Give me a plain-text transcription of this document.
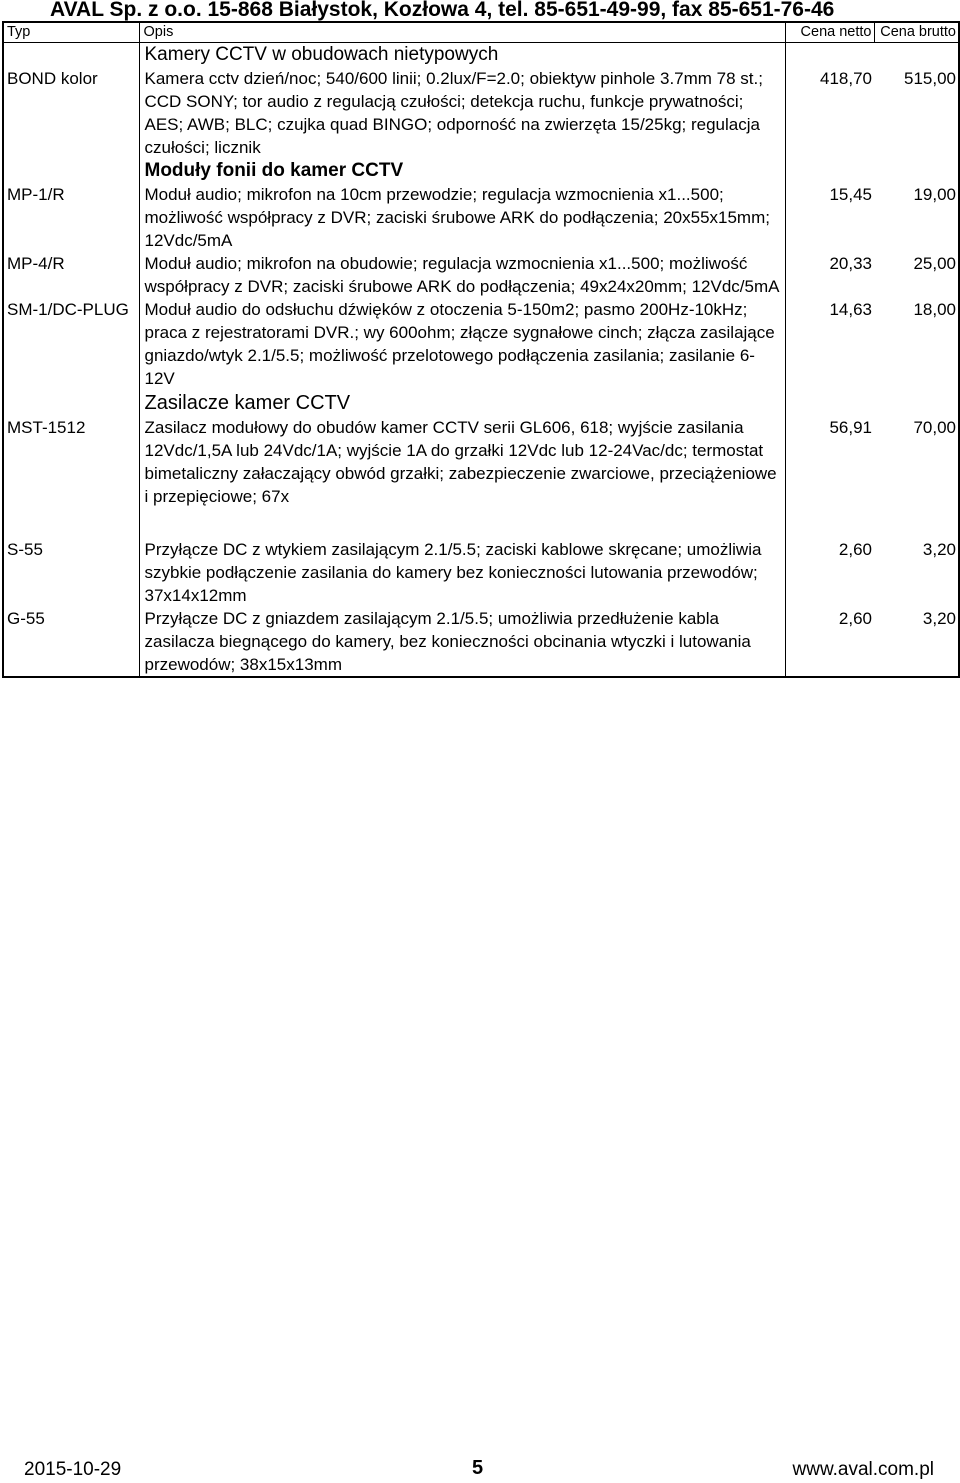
AVAL Sp. z o.o. 15-868 Białystok, Kozłowa 4, tel. 85-651-49-99, fax 85-651-76-46
Typ	Opis	Cena netto	Cena brutto
	Kamery CCTV w obudowach nietypowych		
BOND kolor	Kamera cctv dzień/noc; 540/600 linii; 0.2lux/F=2.0; obiektyw pinhole 3.7mm 78 st.; CCD SONY; tor audio z regulacją czułości; detekcja ruchu, funkcje prywatności; AES; AWB; BLC; czujka quad BINGO; odporność na zwierzęta 15/25kg; regulacja czułości; licznik	418,70	515,00
	Moduły fonii do kamer CCTV		
MP-1/R	Moduł audio; mikrofon na 10cm przewodzie; regulacja wzmocnienia x1...500; możliwość współpracy z DVR; zaciski śrubowe ARK do podłączenia; 20x55x15mm; 12Vdc/5mA	15,45	19,00
MP-4/R	Moduł audio; mikrofon na obudowie; regulacja wzmocnienia x1...500; możliwość współpracy z DVR; zaciski śrubowe ARK do podłączenia; 49x24x20mm; 12Vdc/5mA	20,33	25,00
SM-1/DC-PLUG	Moduł audio do odsłuchu dźwięków z otoczenia 5-150m2; pasmo 200Hz-10kHz; praca z rejestratorami DVR.; wy 600ohm; złącze sygnałowe cinch; złącza zasilające gniazdo/wtyk 2.1/5.5; możliwość przelotowego podłączenia zasilania; zasilanie 6-12V	14,63	18,00
	Zasilacze kamer CCTV		
MST-1512	Zasilacz modułowy do obudów kamer CCTV serii GL606, 618; wyjście zasilania 12Vdc/1,5A lub 24Vdc/1A; wyjście 1A do grzałki 12Vdc lub 12-24Vac/dc; termostat bimetaliczny załaczający obwód grzałki; zabezpieczenie zwarciowe, przeciążeniowe i przepięciowe; 67x	56,91	70,00

S-55	Przyłącze DC z wtykiem zasilającym 2.1/5.5; zaciski kablowe skręcane; umożliwia szybkie podłączenie zasilania do kamery bez konieczności lutowania przewodów; 37x14x12mm	2,60	3,20
G-55	Przyłącze DC z gniazdem zasilającym 2.1/5.5; umożliwia przedłużenie kabla zasilacza biegnącego do kamery, bez konieczności obcinania wtyczki i lutowania przewodów; 38x15x13mm	2,60	3,20
2015-10-29	5	www.aval.com.pl
